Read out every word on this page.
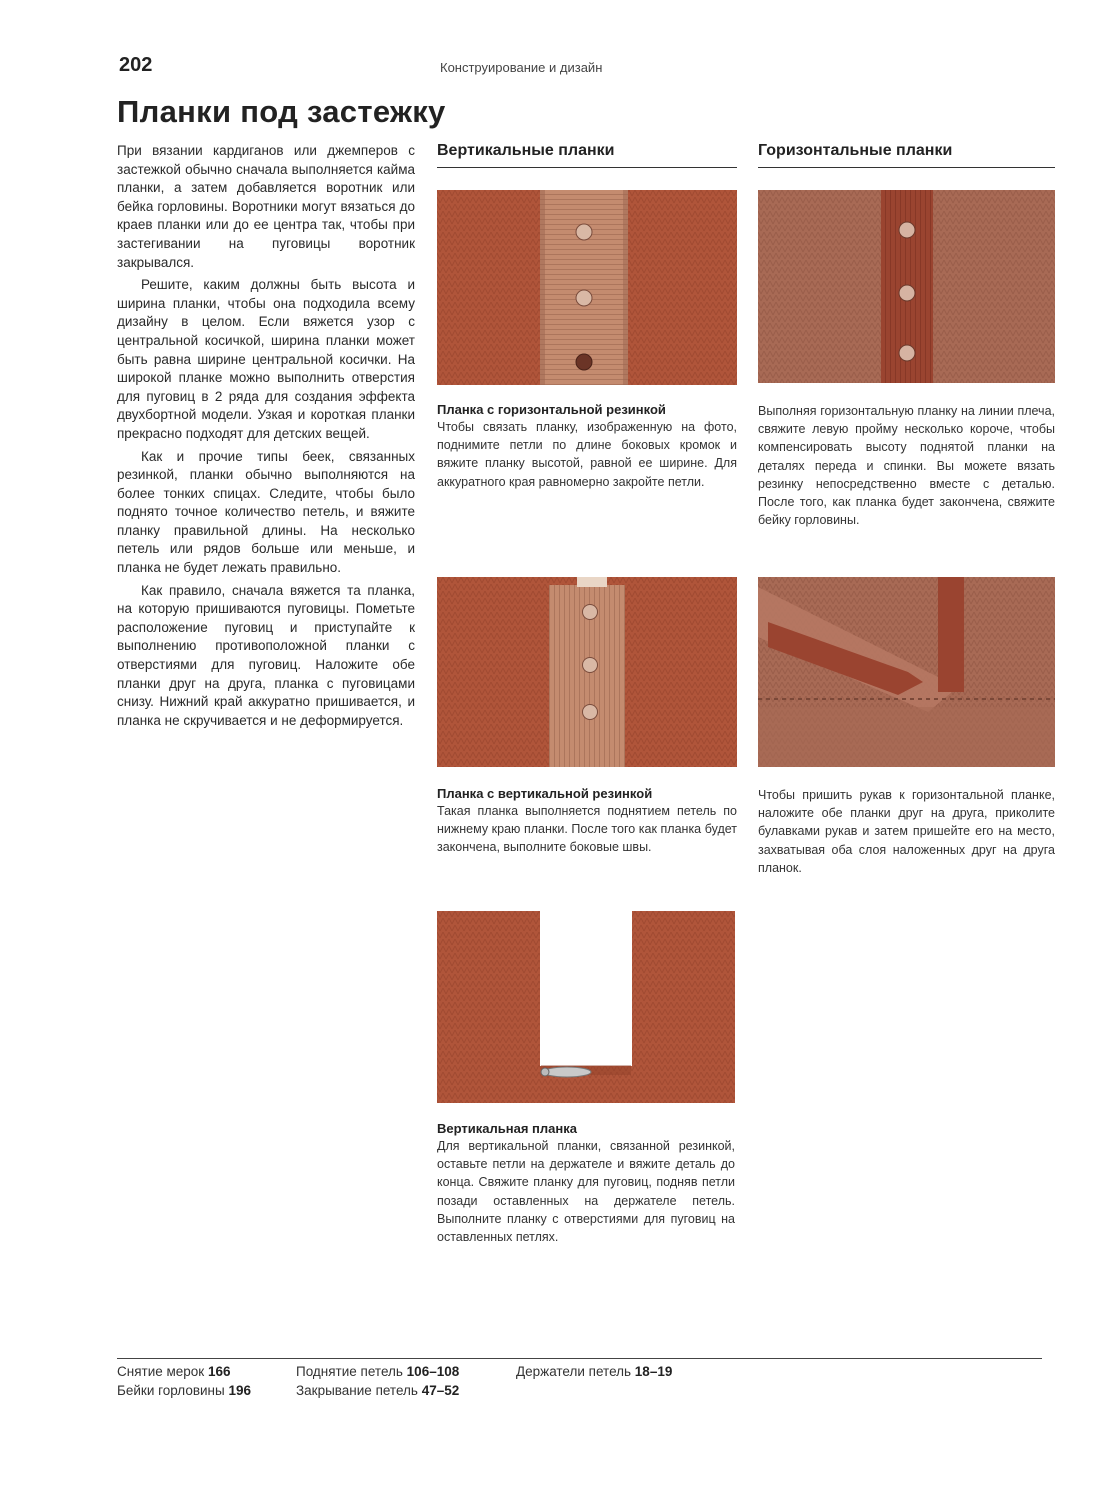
202	Конструирование и дизайн
Планки под застежку

При вязании кардиганов или джемперов с застежкой обычно сначала выполняется кайма планки, а затем добавляется воротник или бейка горловины. Воротники могут вязаться до краев планки или до ее центра так, чтобы при застегивании на пуговицы воротник закрывался.

Решите, каким должны быть высота и ширина планки, чтобы она подходила всему дизайну в целом. Если вяжется узор с центральной косичкой, ширина планки может быть равна ширине центральной косички. На широкой планке можно выполнить отверстия для пуговиц в 2 ряда для создания эффекта двухбортной модели. Узкая и короткая планки прекрасно подходят для детских вещей.

Как и прочие типы беек, связанных резинкой, планки обычно выполняются на более тонких спицах. Следите, чтобы было поднято точное количество петель, и вяжите планку правильной длины. На несколько петель или рядов больше или меньше, и планка не будет лежать правильно.

Как правило, сначала вяжется та планка, на которую пришиваются пуговицы. Пометьте расположение пуговиц и приступайте к выполнению противоположной планки с отверстиями для пуговиц. Наложите обе планки друг на друга, планка с пуговицами снизу. Нижний край аккуратно пришивается, и планка не скручивается и не деформируется.

Вертикальные планки	Горизонтальные планки
Планка с горизонтальной резинкой
Чтобы связать планку, изображенную на фото, поднимите петли по длине боковых кромок и вяжите планку высотой, равной ее ширине. Для аккуратного края равномерно закройте петли.
Выполняя горизонтальную планку на линии плеча, свяжите левую пройму несколько короче, чтобы компенсировать высоту поднятой планки на деталях переда и спинки. Вы можете вязать резинку непосредственно вместе с деталью. После того, как планка будет закончена, свяжите бейку горловины.
Планка с вертикальной резинкой
Такая планка выполняется поднятием петель по нижнему краю планки. После того как планка будет закончена, выполните боковые швы.
Чтобы пришить рукав к горизонтальной планке, наложите обе планки друг на друга, приколите булавками рукав и затем пришейте его на место, захватывая оба слоя наложенных друг на друга планок.
Вертикальная планка
Для вертикальной планки, связанной резинкой, оставьте петли на держателе и вяжите деталь до конца. Свяжите планку для пуговиц, подняв петли позади оставленных на держателе петель. Выполните планку с отверстиями для пуговиц на оставленных петлях.
Снятие мерок 166
Бейки горловины 196
Поднятие петель 106–108
Закрывание петель 47–52
Держатели петель 18–19
